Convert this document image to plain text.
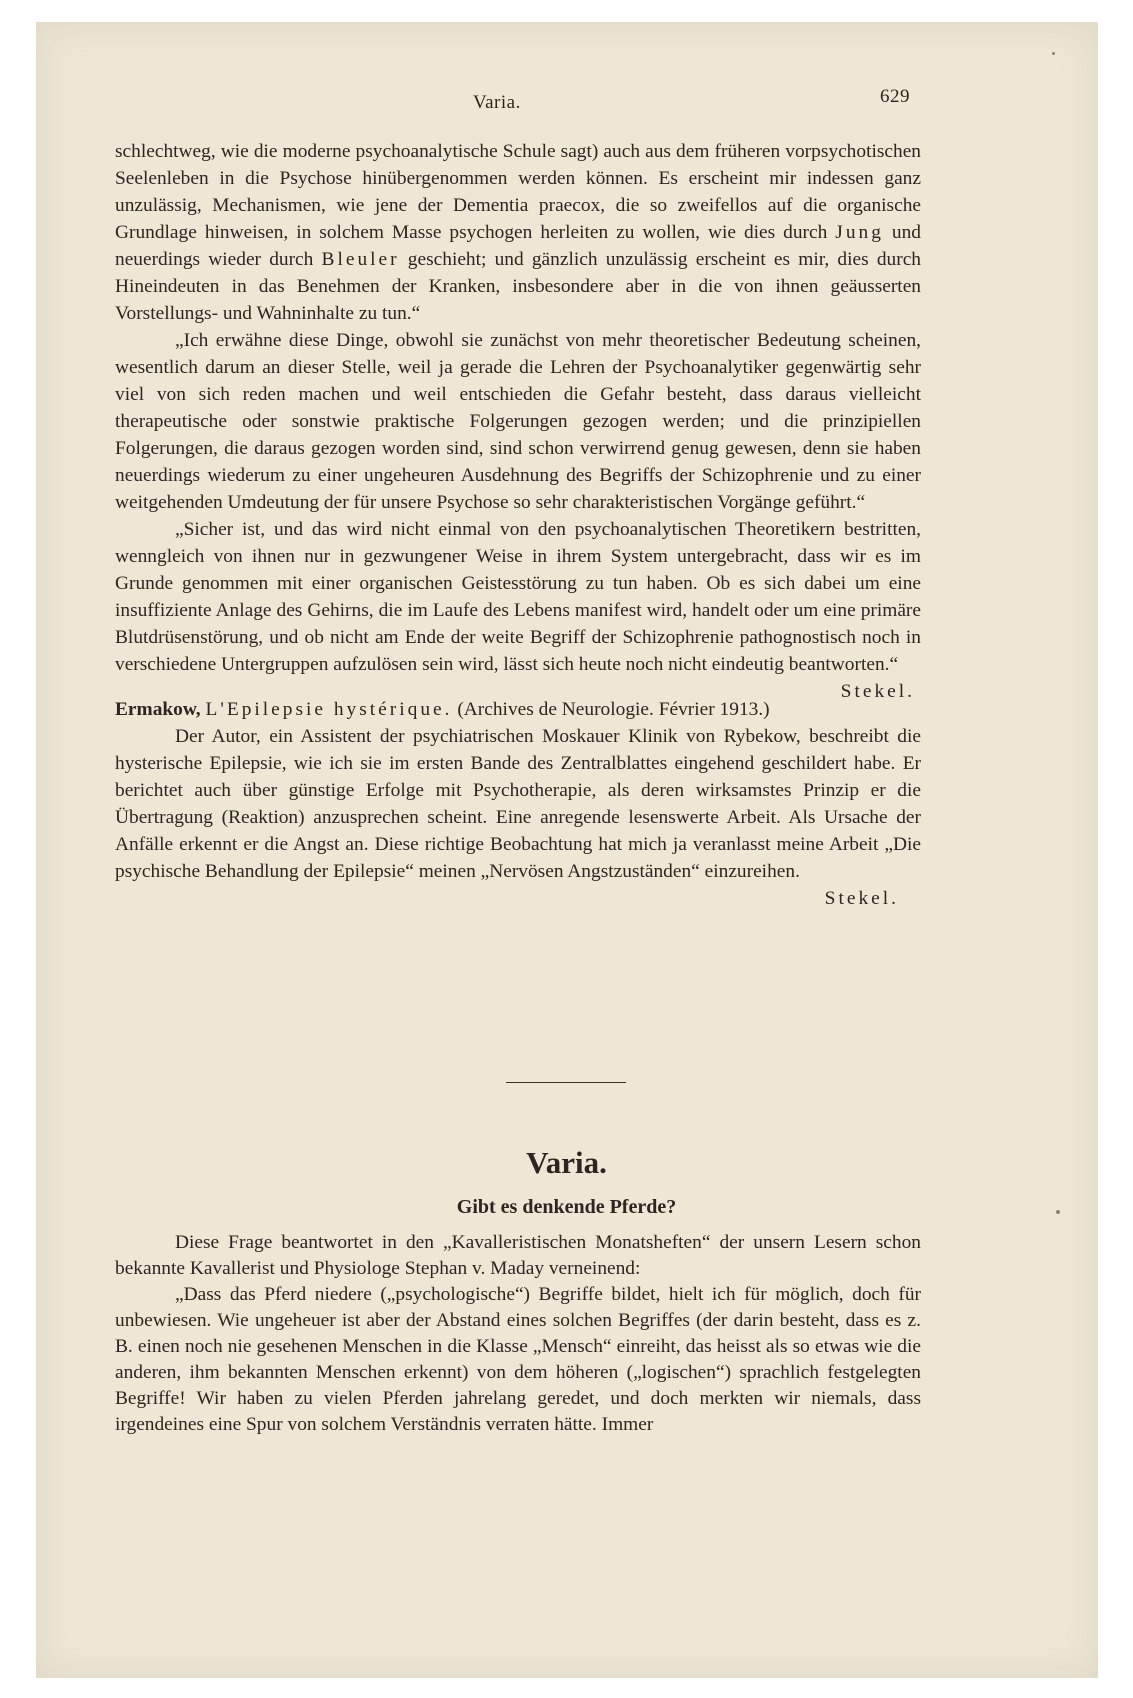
Varia.	629

schlechtweg, wie die moderne psychoanalytische Schule sagt) auch aus dem früheren vorpsychotischen Seelenleben in die Psychose hinübergenommen werden können. Es erscheint mir indessen ganz unzulässig, Mechanismen, wie jene der Dementia praecox, die so zweifellos auf die organische Grundlage hinweisen, in solchem Masse psychogen herleiten zu wollen, wie dies durch Jung und neuerdings wieder durch Bleuler geschieht; und gänzlich unzulässig erscheint es mir, dies durch Hineindeuten in das Benehmen der Kranken, insbesondere aber in die von ihnen geäusserten Vorstellungs- und Wahninhalte zu tun.“

„Ich erwähne diese Dinge, obwohl sie zunächst von mehr theoretischer Bedeutung scheinen, wesentlich darum an dieser Stelle, weil ja gerade die Lehren der Psychoanalytiker gegenwärtig sehr viel von sich reden machen und weil entschieden die Gefahr besteht, dass daraus vielleicht therapeutische oder sonstwie praktische Folgerungen gezogen werden; und die prinzipiellen Folgerungen, die daraus gezogen worden sind, sind schon verwirrend genug gewesen, denn sie haben neuerdings wiederum zu einer ungeheuren Ausdehnung des Begriffs der Schizophrenie und zu einer weitgehenden Umdeutung der für unsere Psychose so sehr charakteristischen Vorgänge geführt.“

„Sicher ist, und das wird nicht einmal von den psychoanalytischen Theoretikern bestritten, wenngleich von ihnen nur in gezwungener Weise in ihrem System untergebracht, dass wir es im Grunde genommen mit einer organischen Geistesstörung zu tun haben. Ob es sich dabei um eine insuffiziente Anlage des Gehirns, die im Laufe des Lebens manifest wird, handelt oder um eine primäre Blutdrüsenstörung, und ob nicht am Ende der weite Begriff der Schizophrenie pathognostisch noch in verschiedene Untergruppen aufzulösen sein wird, lässt sich heute noch nicht eindeutig beantworten.“
Stekel.

Ermakow, L'Epilepsie hystérique. (Archives de Neurologie. Février 1913.)

Der Autor, ein Assistent der psychiatrischen Moskauer Klinik von Rybekow, beschreibt die hysterische Epilepsie, wie ich sie im ersten Bande des Zentralblattes eingehend geschildert habe. Er berichtet auch über günstige Erfolge mit Psychotherapie, als deren wirksamstes Prinzip er die Übertragung (Reaktion) anzusprechen scheint. Eine anregende lesenswerte Arbeit. Als Ursache der Anfälle erkennt er die Angst an. Diese richtige Beobachtung hat mich ja veranlasst meine Arbeit „Die psychische Behandlung der Epilepsie“ meinen „Nervösen Angstzuständen“ einzureihen.

Stekel.

Varia.
Gibt es denkende Pferde?

Diese Frage beantwortet in den „Kavalleristischen Monatsheften“ der unsern Lesern schon bekannte Kavallerist und Physiologe Stephan v. Maday verneinend:

„Dass das Pferd niedere („psychologische“) Begriffe bildet, hielt ich für möglich, doch für unbewiesen. Wie ungeheuer ist aber der Abstand eines solchen Begriffes (der darin besteht, dass es z. B. einen noch nie gesehenen Menschen in die Klasse „Mensch“ einreiht, das heisst als so etwas wie die anderen, ihm bekannten Menschen erkennt) von dem höheren („logischen“) sprachlich festgelegten Begriffe! Wir haben zu vielen Pferden jahrelang geredet, und doch merkten wir niemals, dass irgendeines eine Spur von solchem Verständnis verraten hätte. Immer
